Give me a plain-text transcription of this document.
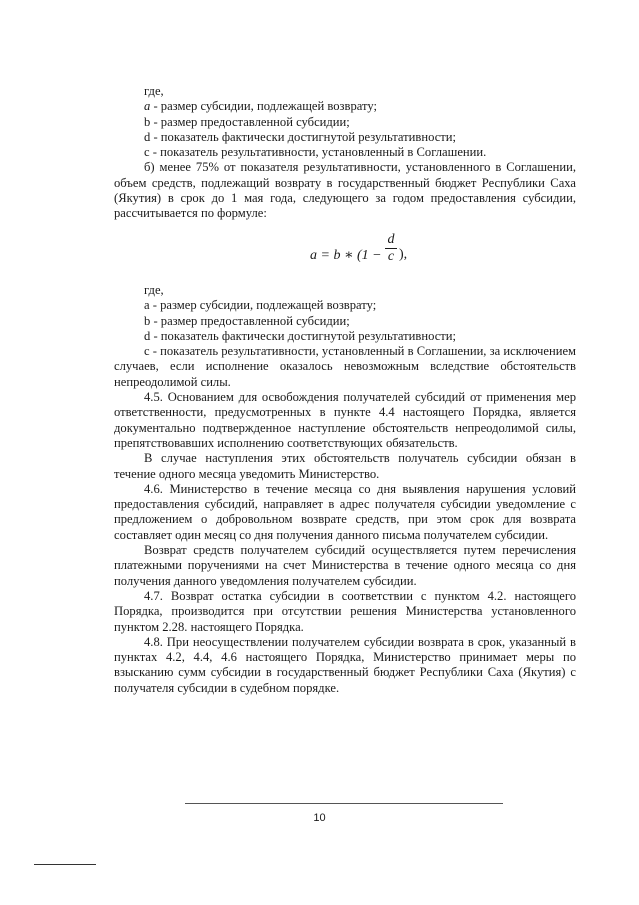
где,

a - размер субсидии, подлежащей возврату;

b - размер предоставленной субсидии;

d - показатель фактически достигнутой результативности;

c - показатель результативности, установленный в Соглашении.

б) менее 75% от показателя результативности, установленного в Соглашении, объем средств, подлежащий возврату в государственный бюджет Республики Саха (Якутия) в срок до 1 мая года, следующего за годом предоставления субсидии, рассчитывается по формуле:

a = b ∗ (1 −
d
c ),

где,

a - размер субсидии, подлежащей возврату;

b - размер предоставленной субсидии;

d - показатель фактически достигнутой результативности;

c - показатель результативности, установленный в Соглашении, за исключением случаев, если исполнение оказалось невозможным вследствие обстоятельств непреодолимой силы.

4.5. Основанием для освобождения получателей субсидий от применения мер ответственности, предусмотренных в пункте 4.4 настоящего Порядка, является документально подтвержденное наступление обстоятельств непреодолимой силы, препятствовавших исполнению соответствующих обязательств.

В случае наступления этих обстоятельств получатель субсидии обязан в течение одного месяца уведомить Министерство.

4.6. Министерство в течение месяца со дня выявления нарушения условий предоставления субсидий, направляет в адрес получателя субсидии уведомление с предложением о добровольном возврате средств, при этом срок для возврата составляет один месяц со дня получения данного письма получателем субсидии.

Возврат средств получателем субсидий осуществляется путем перечисления платежными поручениями на счет Министерства в течение одного месяца со дня получения данного уведомления получателем субсидии.

4.7. Возврат остатка субсидии в соответствии с пунктом 4.2. настоящего Порядка, производится при отсутствии решения Министерства установленного пунктом 2.28. настоящего Порядка.

4.8. При неосуществлении получателем субсидии возврата в срок, указанный в пунктах 4.2, 4.4, 4.6 настоящего Порядка, Министерство принимает меры по взысканию сумм субсидии в государственный бюджет Республики Саха (Якутия) с получателя субсидии в судебном порядке.

10
